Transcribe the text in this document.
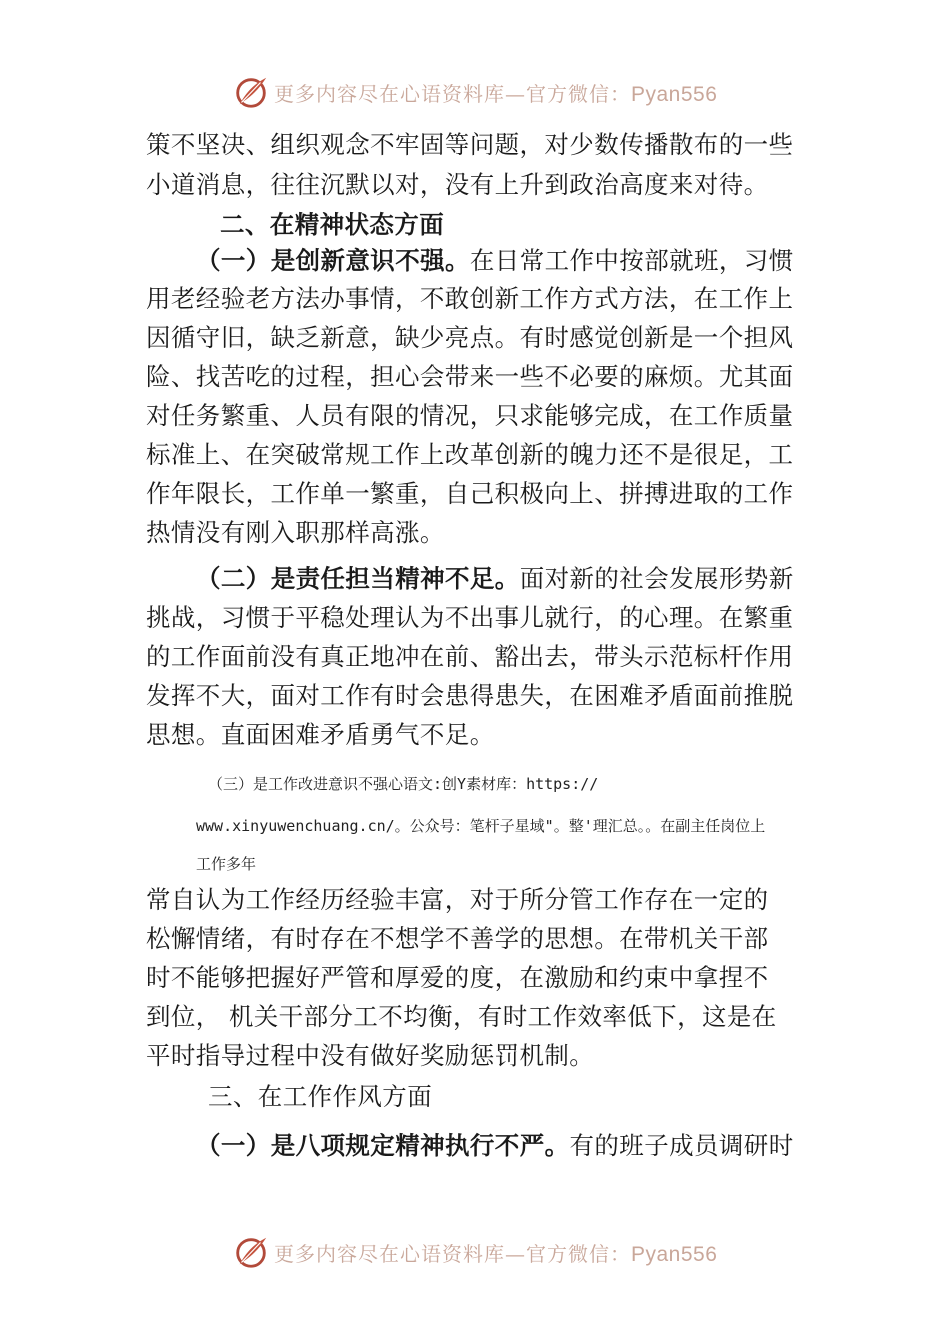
更多内容尽在心语资料库—官方微信：Pyan556
策不坚决、组织观念不牢固等问题，对少数传播散布的一些
小道消息，往往沉默以对，没有上升到政治高度来对待。
二、在精神状态方面
（一）是创新意识不强。在日常工作中按部就班，习惯
用老经验老方法办事情，不敢创新工作方式方法，在工作上
因循守旧，缺乏新意，缺少亮点。有时感觉创新是一个担风
险、找苦吃的过程，担心会带来一些不必要的麻烦。尤其面
对任务繁重、人员有限的情况，只求能够完成，在工作质量
标准上、在突破常规工作上改革创新的魄力还不是很足，工
作年限长，工作单一繁重，自己积极向上、拼搏进取的工作
热情没有刚入职那样高涨。
（二）是责任担当精神不足。面对新的社会发展形势新
挑战，习惯于平稳处理认为不出事儿就行，的心理。在繁重
的工作面前没有真正地冲在前、豁出去，带头示范标杆作用
发挥不大，面对工作有时会患得患失，在困难矛盾面前推脱
思想。直面困难矛盾勇气不足。
（三）是工作改进意识不强心语文:创Y素材库：https://
www.xinyuwenchuang.cn/。公众号：笔杆子星域"。整'理汇总。。在副主任岗位上
工作多年
常自认为工作经历经验丰富，对于所分管工作存在一定的
松懈情绪，有时存在不想学不善学的思想。在带机关干部
时不能够把握好严管和厚爱的度，在激励和约束中拿捏不
到位， 机关干部分工不均衡，有时工作效率低下，这是在
平时指导过程中没有做好奖励惩罚机制。
三、在工作作风方面
（一）是八项规定精神执行不严。有的班子成员调研时
更多内容尽在心语资料库—官方微信：Pyan556
